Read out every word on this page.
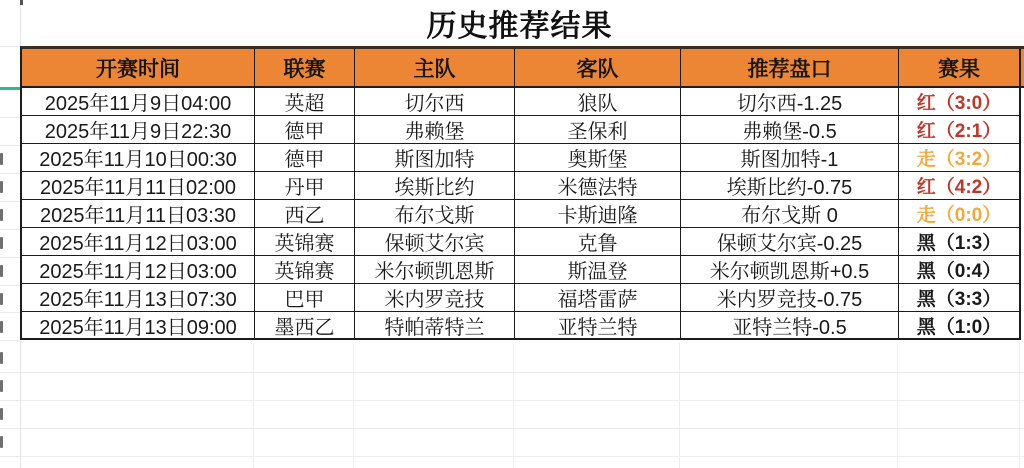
历史推荐结果
开赛时间	联赛	主队	客队	推荐盘口	赛果
2025年11月9日04:00	英超	切尔西	狼队	切尔西-1.25	红（3:0）
2025年11月9日22:30	德甲	弗赖堡	圣保利	弗赖堡-0.5	红（2:1）
2025年11月10日00:30	德甲	斯图加特	奥斯堡	斯图加特-1	走（3:2）
2025年11月11日02:00	丹甲	埃斯比约	米德法特	埃斯比约-0.75	红（4:2）
2025年11月11日03:30	西乙	布尔戈斯	卡斯迪隆	布尔戈斯 0	走（0:0）
2025年11月12日03:00	英锦赛	保顿艾尔宾	克鲁	保顿艾尔宾-0.25	黑（1:3）
2025年11月12日03:00	英锦赛	米尔顿凯恩斯	斯温登	米尔顿凯恩斯+0.5	黑（0:4）
2025年11月13日07:30	巴甲	米内罗竞技	福塔雷萨	米内罗竞技-0.75	黑（3:3）
2025年11月13日09:00	墨西乙	特帕蒂特兰	亚特兰特	亚特兰特-0.5	黑（1:0）
